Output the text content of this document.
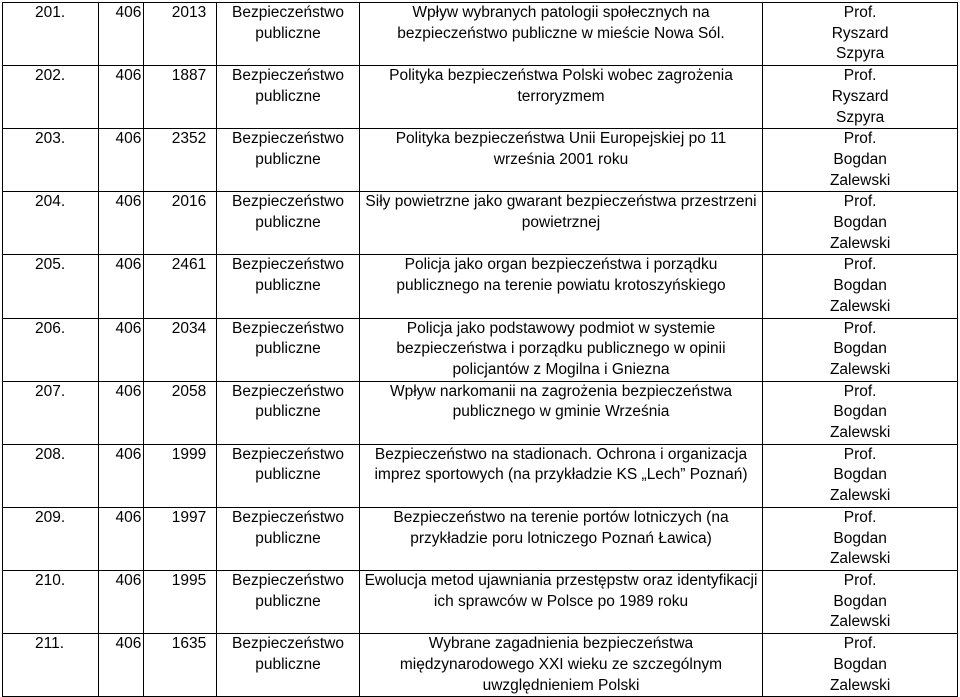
201.	406	2013	Bezpieczeństwo publiczne	Wpływ wybranych patologii społecznych na bezpieczeństwo publiczne w mieście Nowa Sól.	Prof. Ryszard Szpyra

202.	406	1887	Bezpieczeństwo publiczne	Polityka bezpieczeństwa Polski wobec zagrożenia terroryzmem	Prof. Ryszard Szpyra

203.	406	2352	Bezpieczeństwo publiczne	Polityka bezpieczeństwa Unii Europejskiej po 11 września 2001 roku	Prof. Bogdan Zalewski

204.	406	2016	Bezpieczeństwo publiczne	Siły powietrzne jako gwarant bezpieczeństwa przestrzeni powietrznej	Prof. Bogdan Zalewski

205.	406	2461	Bezpieczeństwo publiczne	Policja jako organ bezpieczeństwa i porządku publicznego na terenie powiatu krotoszyńskiego	Prof. Bogdan Zalewski

206.	406	2034	Bezpieczeństwo publiczne	Policja jako podstawowy podmiot w systemie bezpieczeństwa i porządku publicznego w opinii policjantów z Mogilna i Gniezna	Prof. Bogdan Zalewski

207.	406	2058	Bezpieczeństwo publiczne	Wpływ narkomanii na zagrożenia bezpieczeństwa publicznego w gminie Września	Prof. Bogdan Zalewski

208.	406	1999	Bezpieczeństwo publiczne	Bezpieczeństwo na stadionach. Ochrona i organizacja imprez sportowych (na przykładzie KS „Lech” Poznań)	Prof. Bogdan Zalewski

209.	406	1997	Bezpieczeństwo publiczne	Bezpieczeństwo na terenie portów lotniczych (na przykładzie poru lotniczego Poznań Ławica)	Prof. Bogdan Zalewski

210.	406	1995	Bezpieczeństwo publiczne	Ewolucja metod ujawniania przestępstw oraz identyfikacji ich sprawców w Polsce po 1989 roku	Prof. Bogdan Zalewski

211.	406	1635	Bezpieczeństwo publiczne	Wybrane zagadnienia bezpieczeństwa międzynarodowego XXI wieku ze szczególnym uwzględnieniem Polski	Prof. Bogdan Zalewski
